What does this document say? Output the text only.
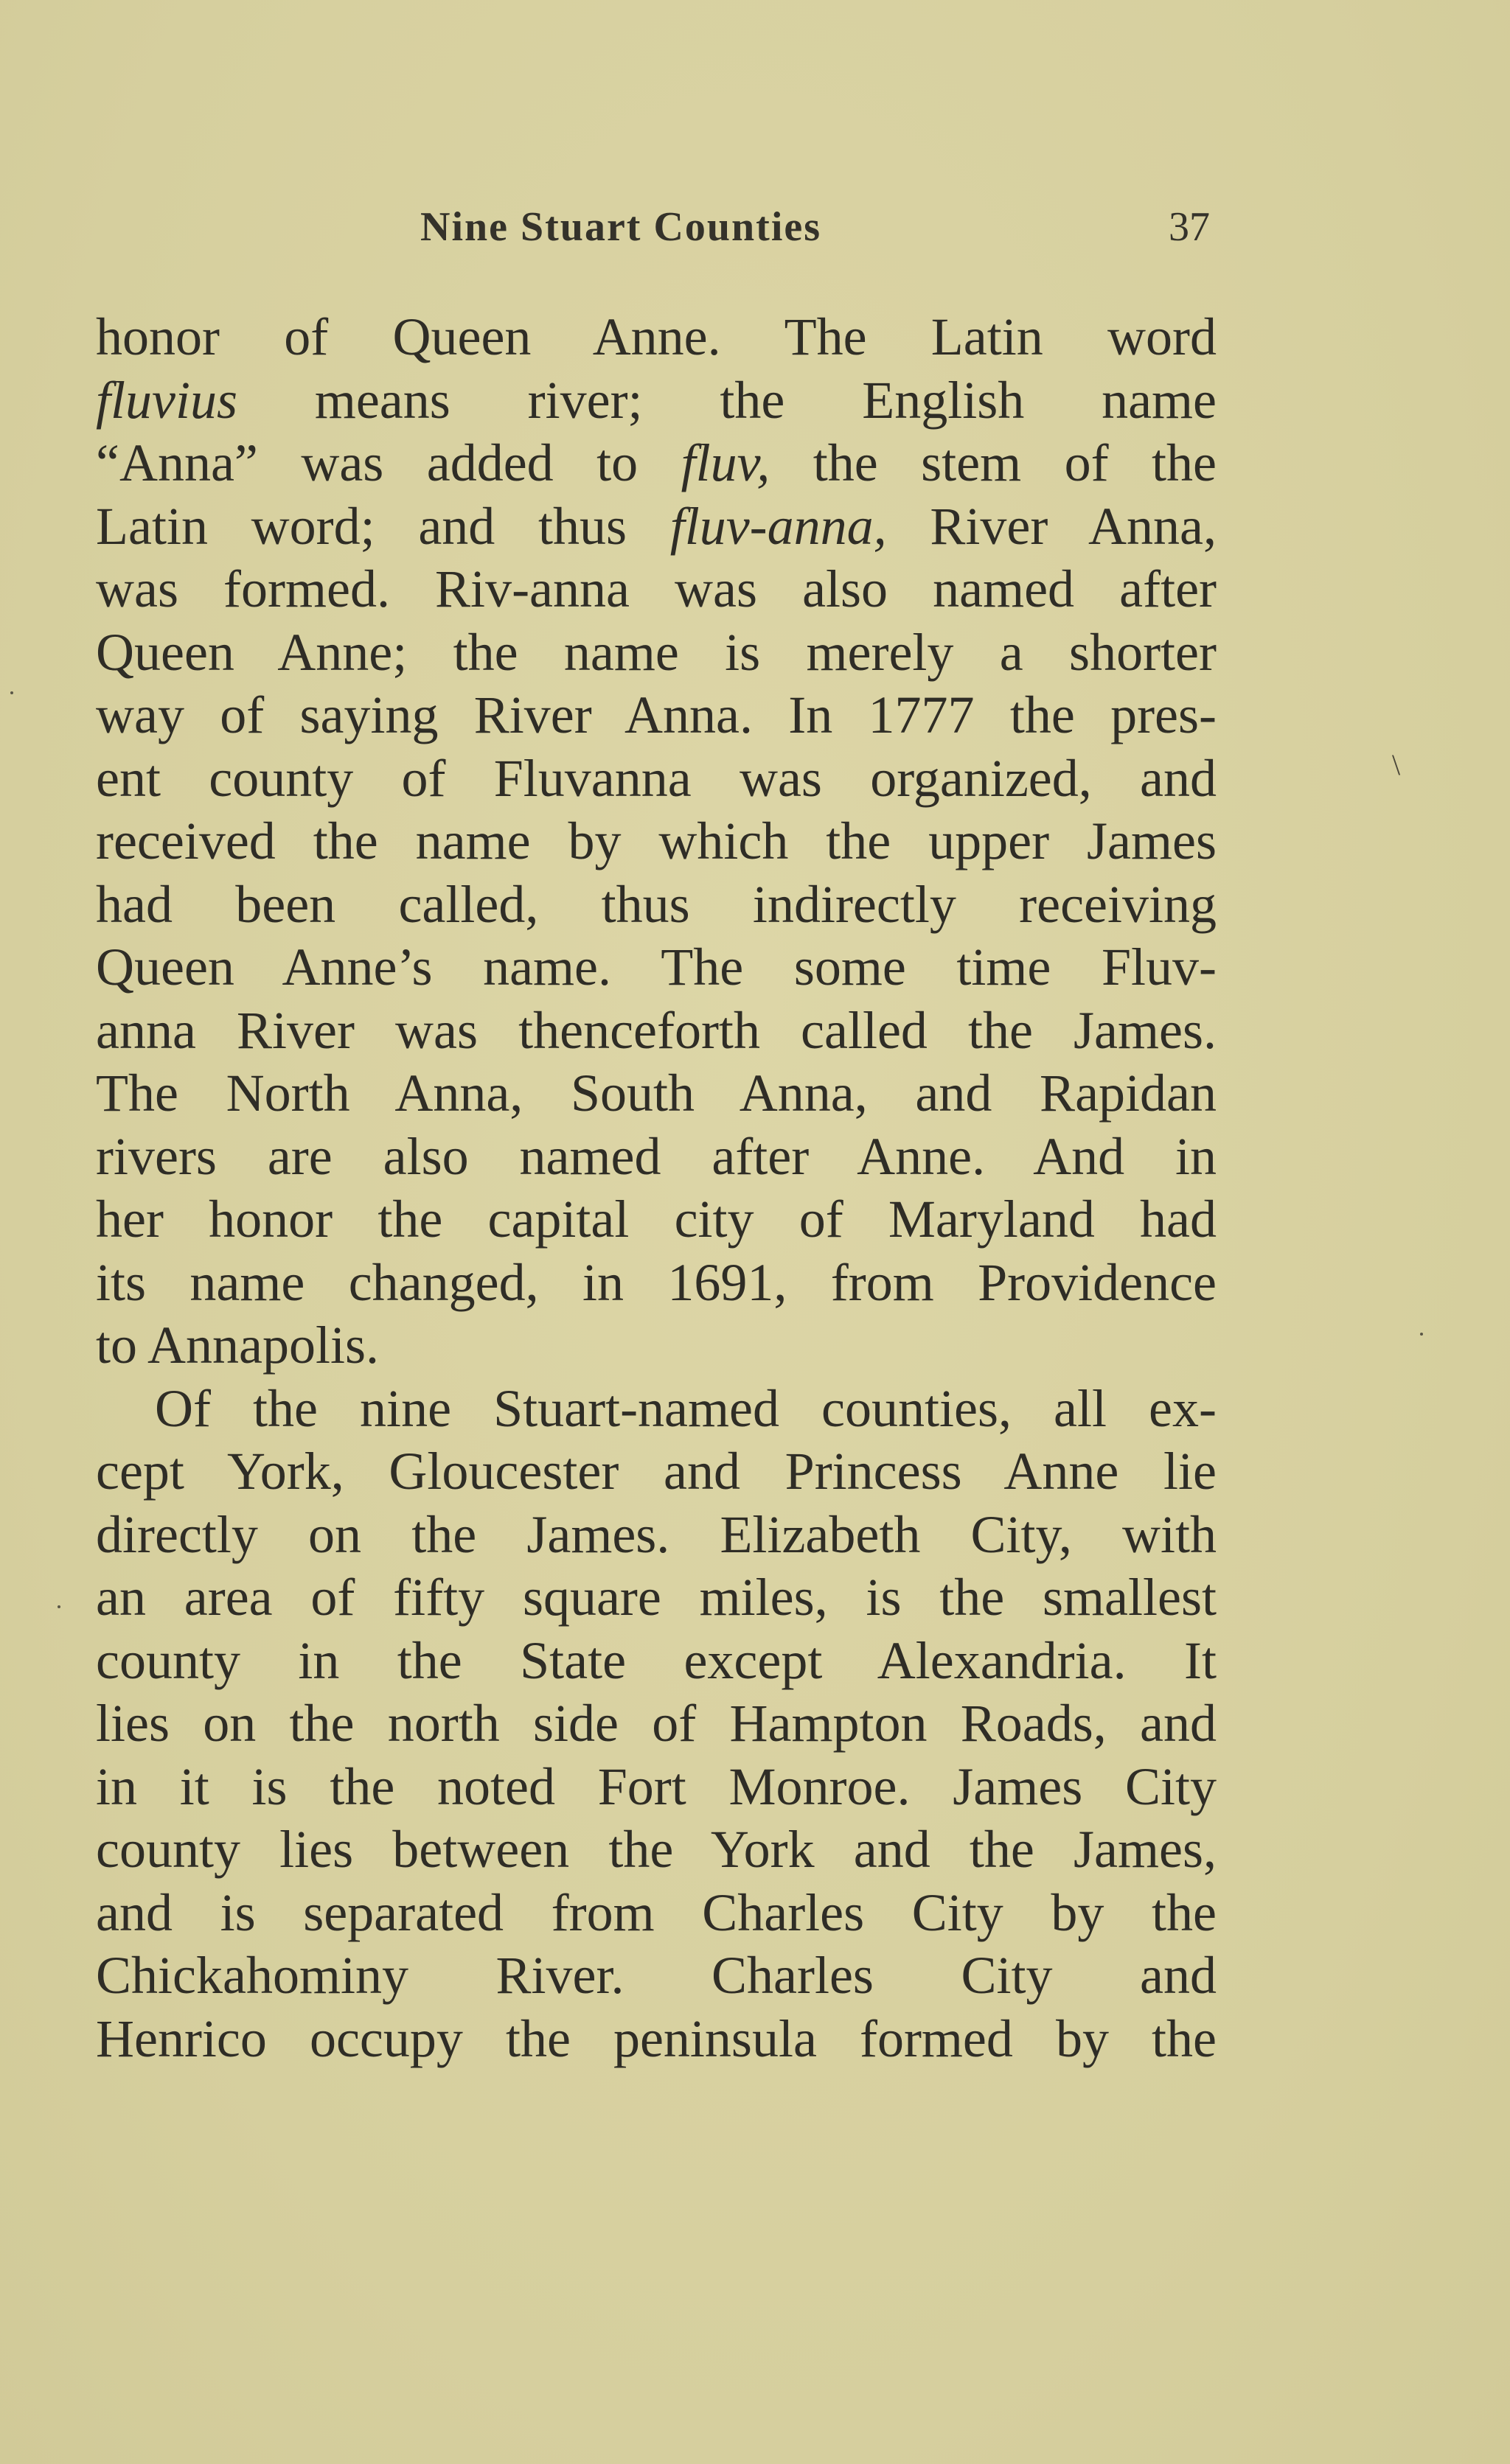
Nine Stuart Counties	37
honor of Queen Anne. The Latin word
fluvius means river; the English name
“Anna” was added to fluv, the stem of the
Latin word; and thus fluv-anna, River Anna,
was formed. Riv-anna was also named after
Queen Anne; the name is merely a shorter
way of saying River Anna. In 1777 the pres-
ent county of Fluvanna was organized, and
received the name by which the upper James
had been called, thus indirectly receiving
Queen Anne’s name. The some time Fluv-
anna River was thenceforth called the James.
The North Anna, South Anna, and Rapidan
rivers are also named after Anne. And in
her honor the capital city of Maryland had
its name changed, in 1691, from Providence
to Annapolis.
Of the nine Stuart-named counties, all ex-
cept York, Gloucester and Princess Anne lie
directly on the James. Elizabeth City, with
an area of fifty square miles, is the smallest
county in the State except Alexandria. It
lies on the north side of Hampton Roads, and
in it is the noted Fort Monroe. James City
county lies between the York and the James,
and is separated from Charles City by the
Chickahominy River. Charles City and
Henrico occupy the peninsula formed by the
\
